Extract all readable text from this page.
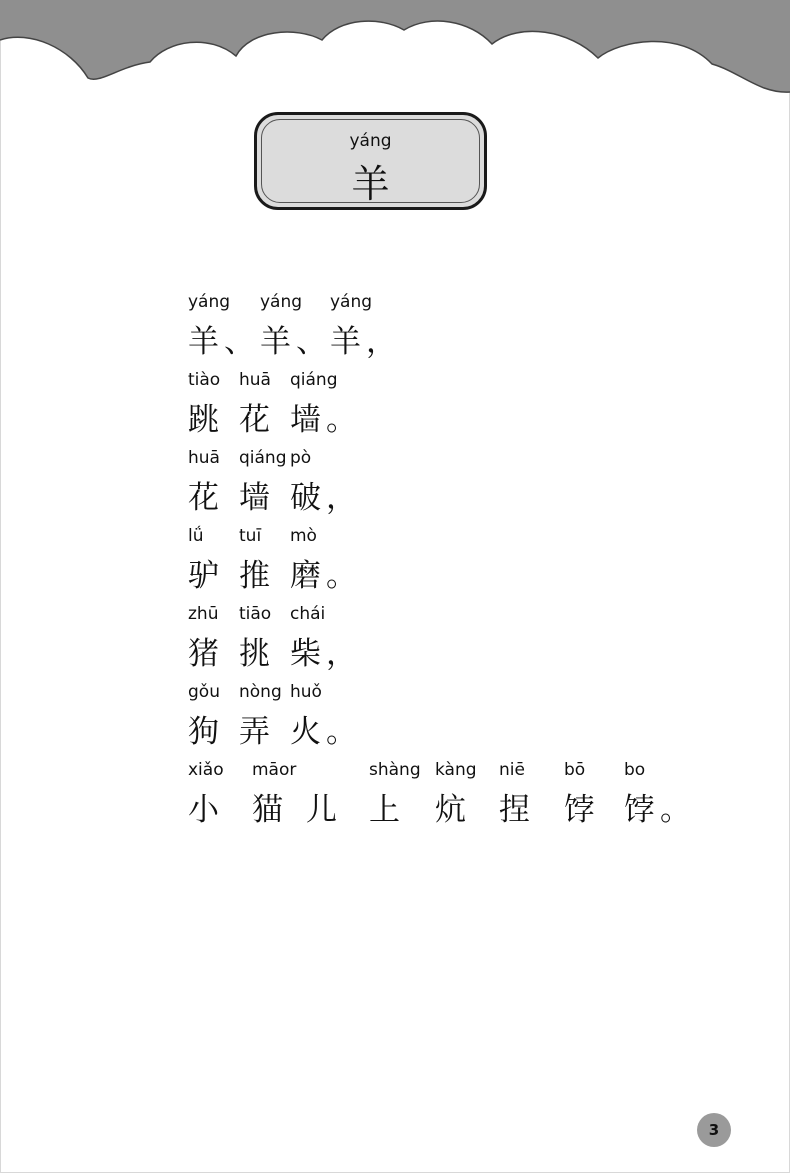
yáng
羊
yáng
羊 、
yáng
羊 、
yáng
羊 ，
tiào
跳
huā
花
qiáng
墙 。
huā
花
qiáng
墙
pò
破 ，
lǘ
驴
tuī
推
mò
磨 。
zhū
猪
tiāo
挑
chái
柴 ，
gǒu
狗
nòng
弄
huǒ
火 。
xiǎo
小
māor
猫 儿
shàng
上
kàng
炕
niē
捏
bō
饽
bo
饽 。
3
